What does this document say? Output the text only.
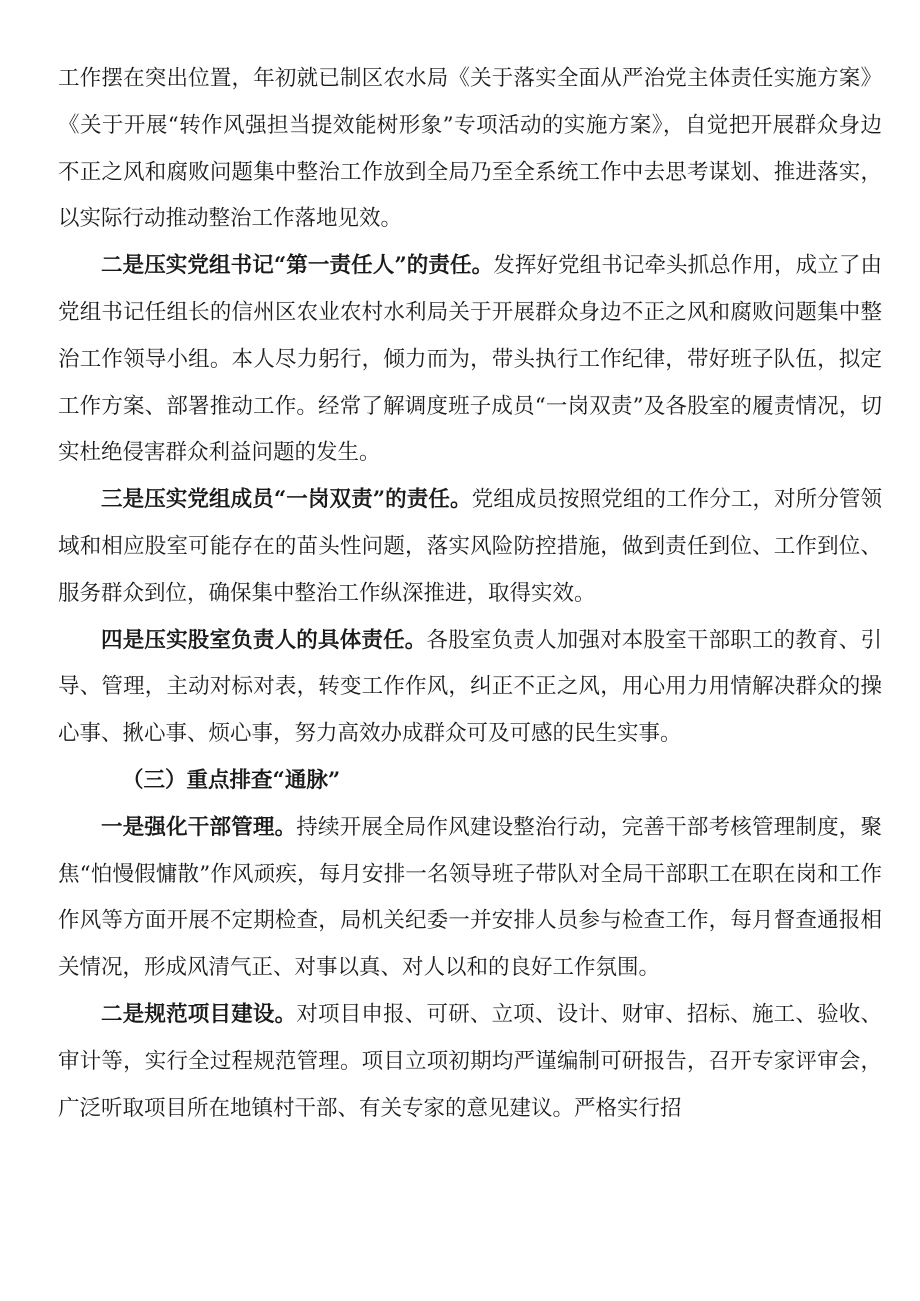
工作摆在突出位置，年初就已制区农水局《关于落实全面从严治党主体责任实施方案》《关于开展“转作风强担当提效能树形象”专项活动的实施方案》，自觉把开展群众身边不正之风和腐败问题集中整治工作放到全局乃至全系统工作中去思考谋划、推进落实，以实际行动推动整治工作落地见效。

二是压实党组书记“第一责任人”的责任。发挥好党组书记牵头抓总作用，成立了由党组书记任组长的信州区农业农村水利局关于开展群众身边不正之风和腐败问题集中整治工作领导小组。本人尽力躬行，倾力而为，带头执行工作纪律，带好班子队伍，拟定工作方案、部署推动工作。经常了解调度班子成员“一岗双责”及各股室的履责情况，切实杜绝侵害群众利益问题的发生。

三是压实党组成员“一岗双责”的责任。党组成员按照党组的工作分工，对所分管领域和相应股室可能存在的苗头性问题，落实风险防控措施，做到责任到位、工作到位、服务群众到位，确保集中整治工作纵深推进，取得实效。

四是压实股室负责人的具体责任。各股室负责人加强对本股室干部职工的教育、引导、管理，主动对标对表，转变工作作风，纠正不正之风，用心用力用情解决群众的操心事、揪心事、烦心事，努力高效办成群众可及可感的民生实事。

（三）重点排查“通脉”

一是强化干部管理。持续开展全局作风建设整治行动，完善干部考核管理制度，聚焦“怕慢假慵散”作风顽疾，每月安排一名领导班子带队对全局干部职工在职在岗和工作作风等方面开展不定期检查，局机关纪委一并安排人员参与检查工作，每月督查通报相关情况，形成风清气正、对事以真、对人以和的良好工作氛围。

二是规范项目建设。对项目申报、可研、立项、设计、财审、招标、施工、验收、审计等，实行全过程规范管理。项目立项初期均严谨编制可研报告，召开专家评审会，广泛听取项目所在地镇村干部、有关专家的意见建议。严格实行招
